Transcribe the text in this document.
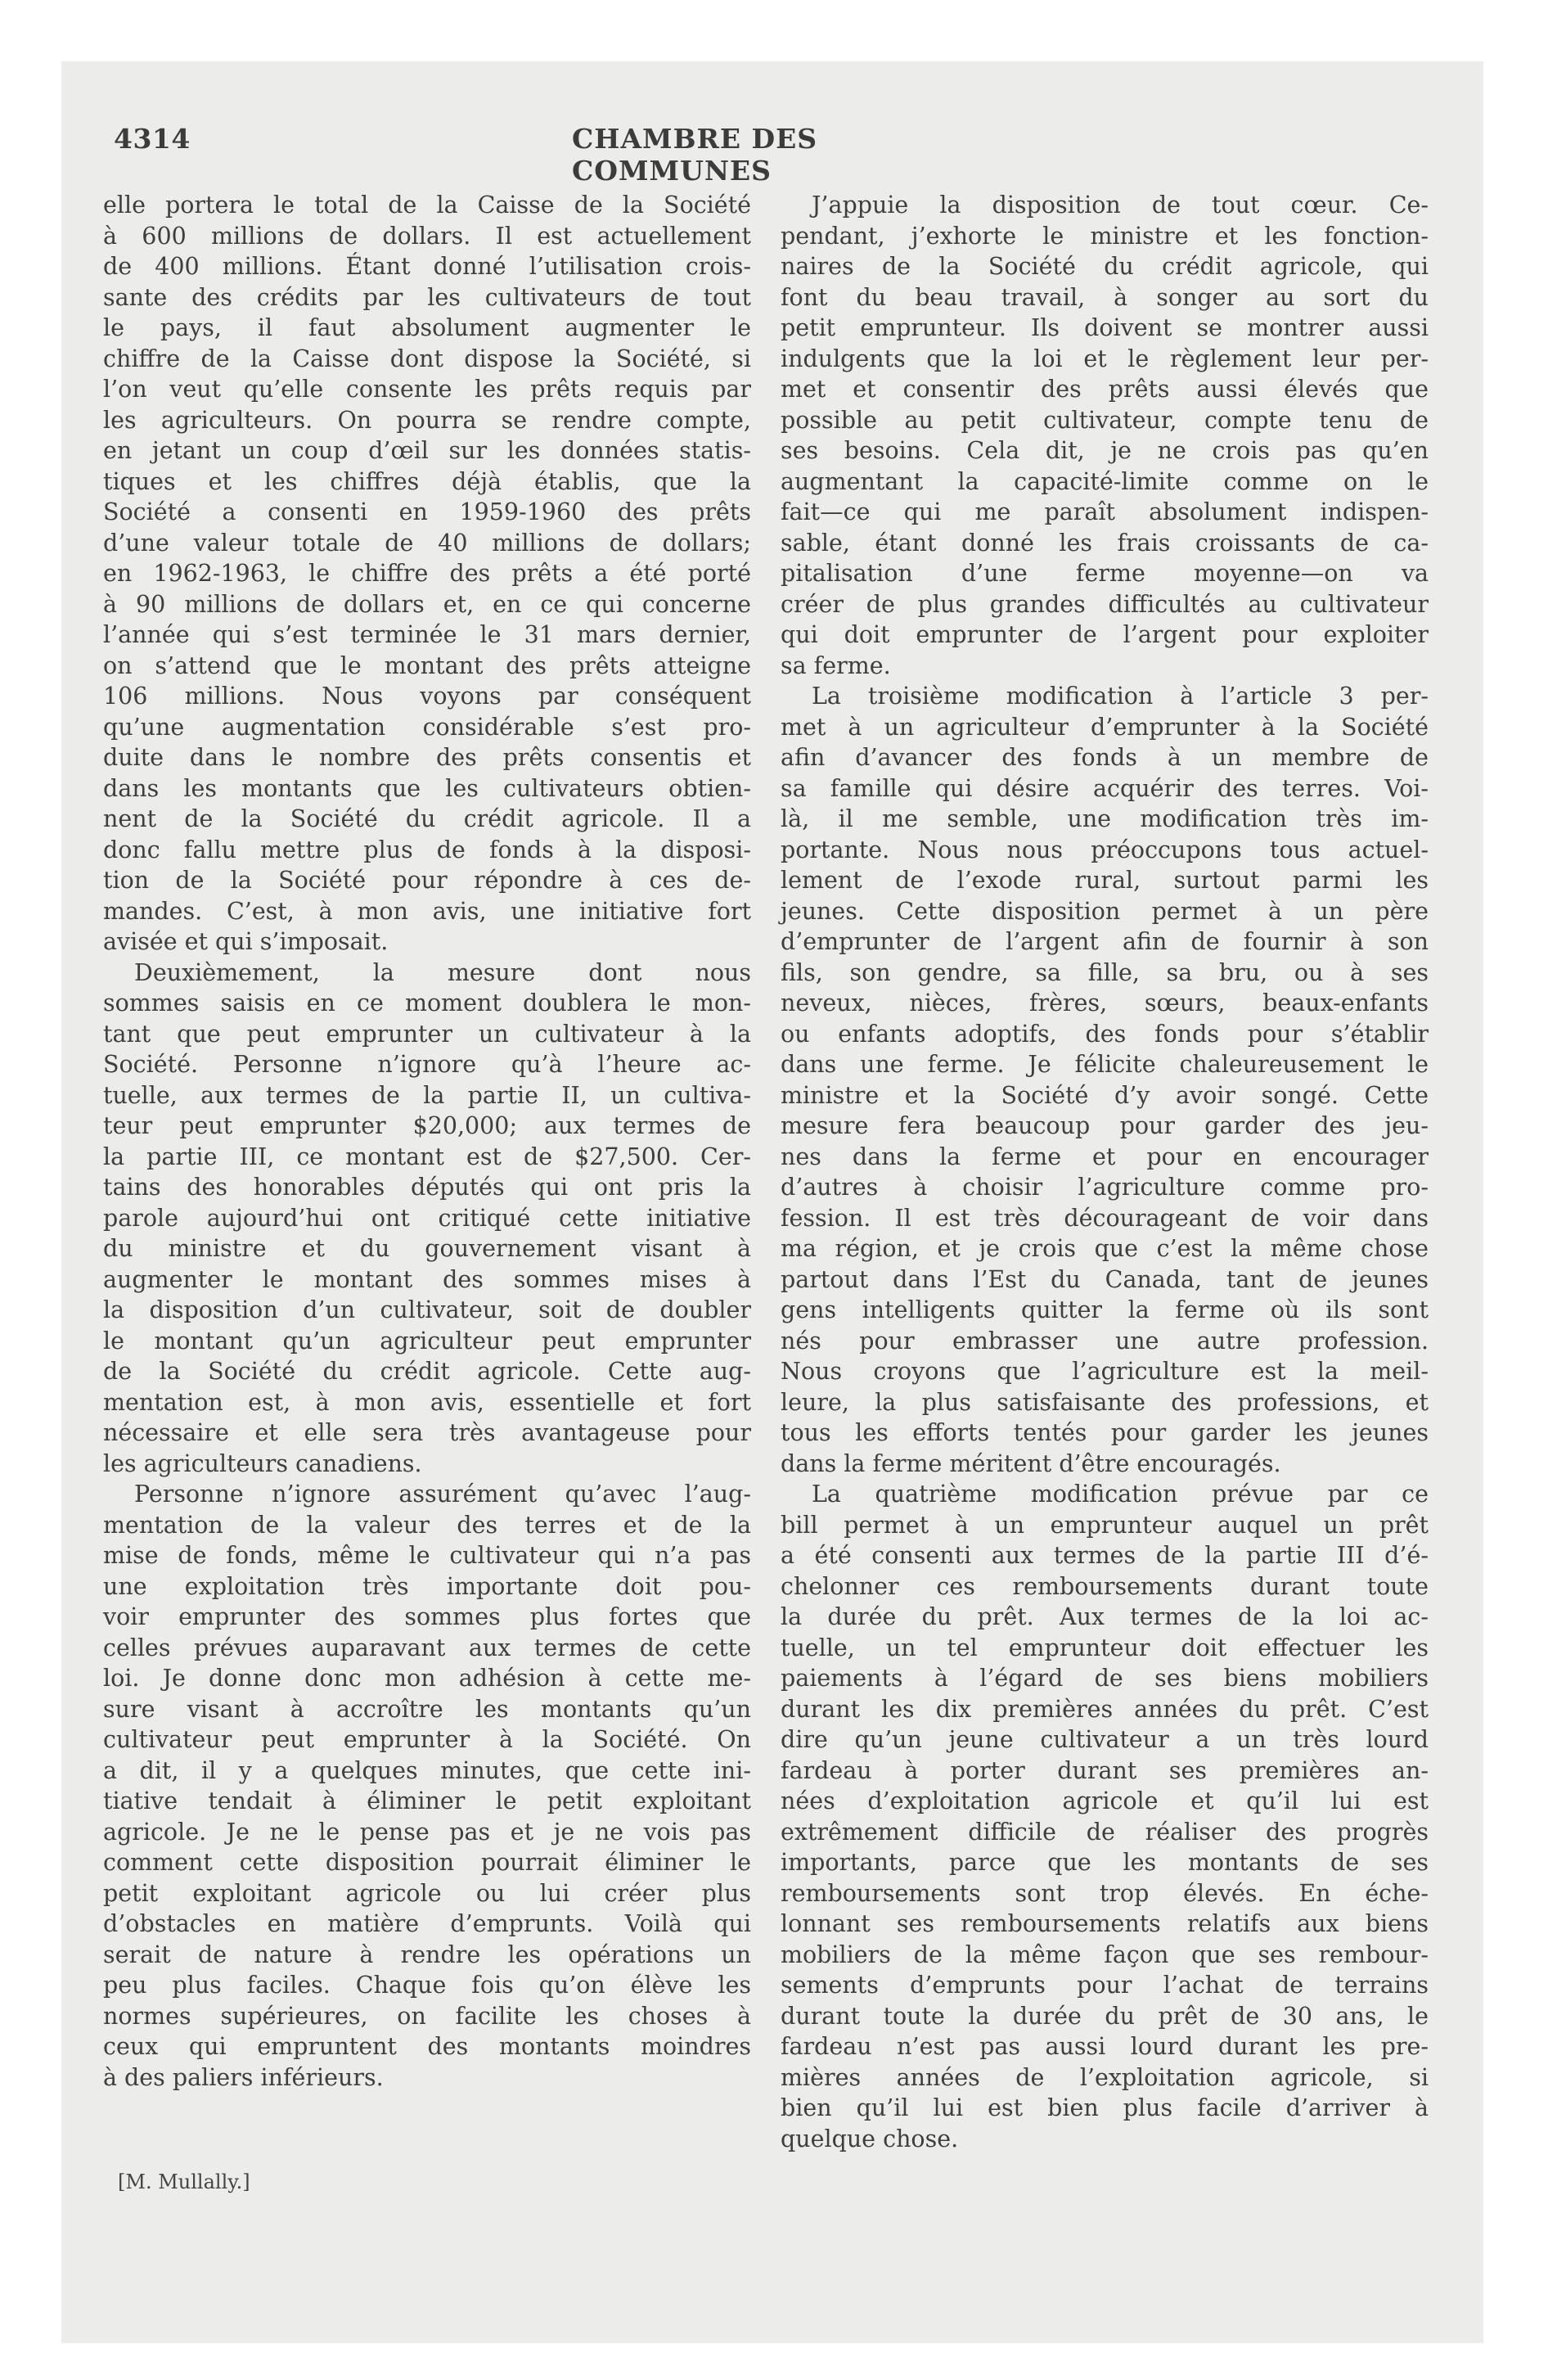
4314	CHAMBRE DES COMMUNES

elle portera le total de la Caisse de la Société
à 600 millions de dollars. Il est actuellement
de 400 millions. Étant donné l’utilisation crois-
sante des crédits par les cultivateurs de tout
le pays, il faut absolument augmenter le
chiffre de la Caisse dont dispose la Société, si
l’on veut qu’elle consente les prêts requis par
les agriculteurs. On pourra se rendre compte,
en jetant un coup d’œil sur les données statis-
tiques et les chiffres déjà établis, que la
Société a consenti en 1959-1960 des prêts
d’une valeur totale de 40 millions de dollars;
en 1962-1963, le chiffre des prêts a été porté
à 90 millions de dollars et, en ce qui concerne
l’année qui s’est terminée le 31 mars dernier,
on s’attend que le montant des prêts atteigne
106 millions. Nous voyons par conséquent
qu’une augmentation considérable s’est pro-
duite dans le nombre des prêts consentis et
dans les montants que les cultivateurs obtien-
nent de la Société du crédit agricole. Il a
donc fallu mettre plus de fonds à la disposi-
tion de la Société pour répondre à ces de-
mandes. C’est, à mon avis, une initiative fort
avisée et qui s’imposait.

Deuxièmement, la mesure dont nous
sommes saisis en ce moment doublera le mon-
tant que peut emprunter un cultivateur à la
Société. Personne n’ignore qu’à l’heure ac-
tuelle, aux termes de la partie II, un cultiva-
teur peut emprunter $20,000; aux termes de
la partie III, ce montant est de $27,500. Cer-
tains des honorables députés qui ont pris la
parole aujourd’hui ont critiqué cette initiative
du ministre et du gouvernement visant à
augmenter le montant des sommes mises à
la disposition d’un cultivateur, soit de doubler
le montant qu’un agriculteur peut emprunter
de la Société du crédit agricole. Cette aug-
mentation est, à mon avis, essentielle et fort
nécessaire et elle sera très avantageuse pour
les agriculteurs canadiens.

Personne n’ignore assurément qu’avec l’aug-
mentation de la valeur des terres et de la
mise de fonds, même le cultivateur qui n’a pas
une exploitation très importante doit pou-
voir emprunter des sommes plus fortes que
celles prévues auparavant aux termes de cette
loi. Je donne donc mon adhésion à cette me-
sure visant à accroître les montants qu’un
cultivateur peut emprunter à la Société. On
a dit, il y a quelques minutes, que cette ini-
tiative tendait à éliminer le petit exploitant
agricole. Je ne le pense pas et je ne vois pas
comment cette disposition pourrait éliminer le
petit exploitant agricole ou lui créer plus
d’obstacles en matière d’emprunts. Voilà qui
serait de nature à rendre les opérations un
peu plus faciles. Chaque fois qu’on élève les
normes supérieures, on facilite les choses à
ceux qui empruntent des montants moindres
à des paliers inférieurs.

J’appuie la disposition de tout cœur. Ce-
pendant, j’exhorte le ministre et les fonction-
naires de la Société du crédit agricole, qui
font du beau travail, à songer au sort du
petit emprunteur. Ils doivent se montrer aussi
indulgents que la loi et le règlement leur per-
met et consentir des prêts aussi élevés que
possible au petit cultivateur, compte tenu de
ses besoins. Cela dit, je ne crois pas qu’en
augmentant la capacité-limite comme on le
fait—ce qui me paraît absolument indispen-
sable, étant donné les frais croissants de ca-
pitalisation d’une ferme moyenne—on va
créer de plus grandes difficultés au cultivateur
qui doit emprunter de l’argent pour exploiter
sa ferme.

La troisième modification à l’article 3 per-
met à un agriculteur d’emprunter à la Société
afin d’avancer des fonds à un membre de
sa famille qui désire acquérir des terres. Voi-
là, il me semble, une modification très im-
portante. Nous nous préoccupons tous actuel-
lement de l’exode rural, surtout parmi les
jeunes. Cette disposition permet à un père
d’emprunter de l’argent afin de fournir à son
fils, son gendre, sa fille, sa bru, ou à ses
neveux, nièces, frères, sœurs, beaux-enfants
ou enfants adoptifs, des fonds pour s’établir
dans une ferme. Je félicite chaleureusement le
ministre et la Société d’y avoir songé. Cette
mesure fera beaucoup pour garder des jeu-
nes dans la ferme et pour en encourager
d’autres à choisir l’agriculture comme pro-
fession. Il est très décourageant de voir dans
ma région, et je crois que c’est la même chose
partout dans l’Est du Canada, tant de jeunes
gens intelligents quitter la ferme où ils sont
nés pour embrasser une autre profession.
Nous croyons que l’agriculture est la meil-
leure, la plus satisfaisante des professions, et
tous les efforts tentés pour garder les jeunes
dans la ferme méritent d’être encouragés.

La quatrième modification prévue par ce
bill permet à un emprunteur auquel un prêt
a été consenti aux termes de la partie III d’é-
chelonner ces remboursements durant toute
la durée du prêt. Aux termes de la loi ac-
tuelle, un tel emprunteur doit effectuer les
paiements à l’égard de ses biens mobiliers
durant les dix premières années du prêt. C’est
dire qu’un jeune cultivateur a un très lourd
fardeau à porter durant ses premières an-
nées d’exploitation agricole et qu’il lui est
extrêmement difficile de réaliser des progrès
importants, parce que les montants de ses
remboursements sont trop élevés. En éche-
lonnant ses remboursements relatifs aux biens
mobiliers de la même façon que ses rembour-
sements d’emprunts pour l’achat de terrains
durant toute la durée du prêt de 30 ans, le
fardeau n’est pas aussi lourd durant les pre-
mières années de l’exploitation agricole, si
bien qu’il lui est bien plus facile d’arriver à
quelque chose.

[M. Mullally.]
